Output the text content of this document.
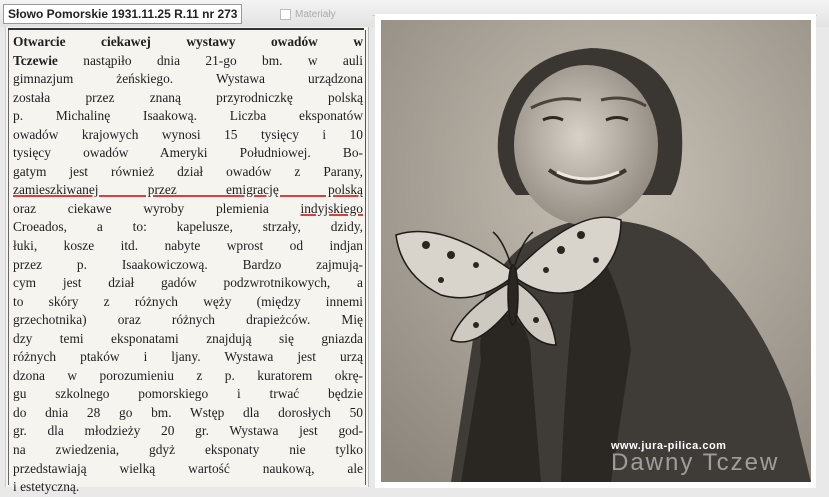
Słowo Pomorskie 1931.11.25 R.11 nr 273	Materiały
Otwarcie ciekawej wystawy owadów w
Tczewie nastąpiło dnia 21-go bm. w auli
gimnazjum żeńskiego. Wystawa urządzona
została przez znaną przyrodniczkę polską
p. Michalinę Isaakową. Liczba eksponatów
owadów krajowych wynosi 15 tysięcy i 10
tysięcy owadów Ameryki Południowej. Bo-
gatym jest również dział owadów z Parany,
zamieszkiwanej przez emigrację polską
oraz ciekawe wyroby plemienia indyjskiego
Croeados, a to: kapelusze, strzały, dzidy,
łuki, kosze itd. nabyte wprost od indjan
przez p. Isaakowiczową. Bardzo zajmują-
cym jest dział gadów podzwrotnikowych, a
to skóry z różnych węży (między innemi
grzechotnika) oraz różnych drapieżców. Mię
dzy temi eksponatami znajdują się gniazda
różnych ptaków i ljany. Wystawa jest urzą
dzona w porozumieniu z p. kuratorem okrę-
gu szkolnego pomorskiego i trwać będzie
do dnia 28 go bm. Wstęp dla dorosłych 50
gr. dla młodzieży 20 gr. Wystawa jest god-
na zwiedzenia, gdyż eksponaty nie tylko
przedstawiają wielką wartość naukową, ale
i estetyczną.
www.jura-pilica.com
Dawny Tczew
